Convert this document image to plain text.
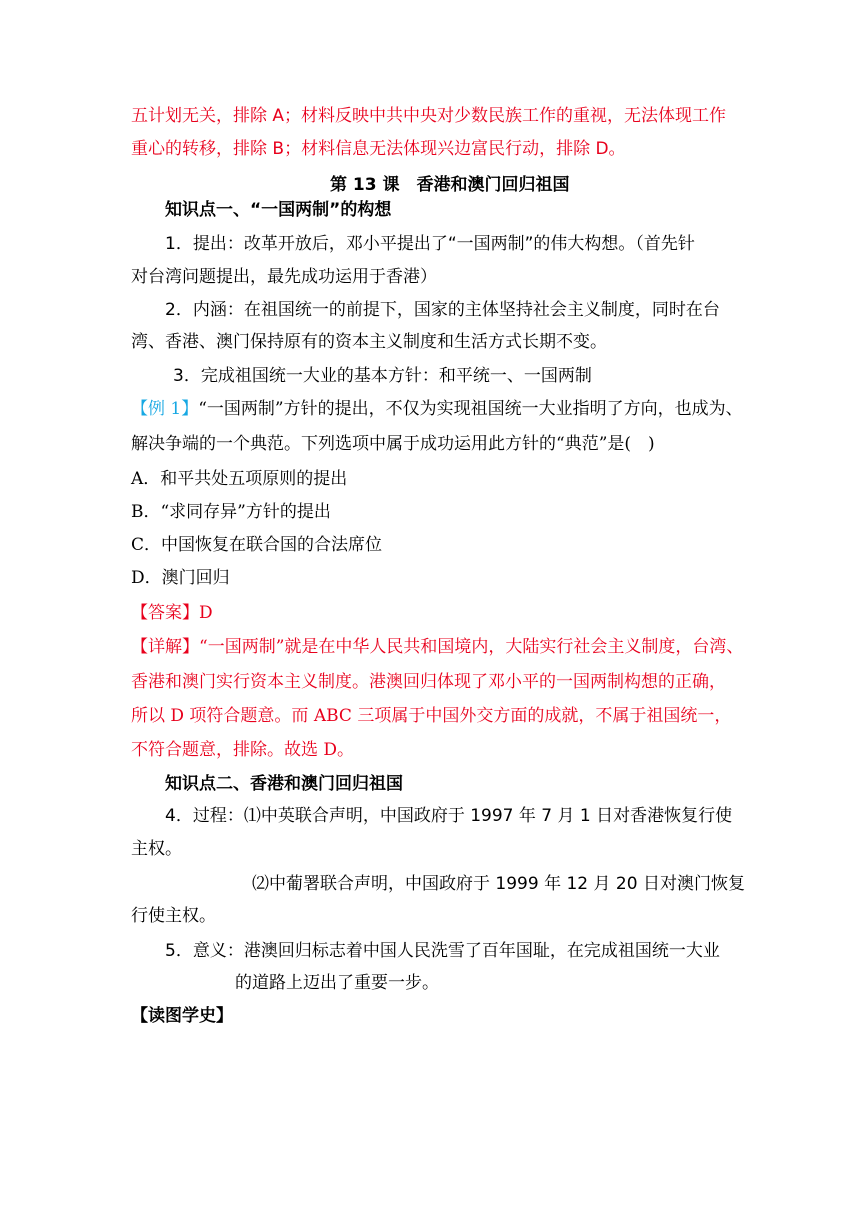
五计划无关，排除 A；材料反映中共中央对少数民族工作的重视，无法体现工作
重心的转移，排除 B；材料信息无法体现兴边富民行动，排除 D。
第 13 课　香港和澳门回归祖国
知识点一、“一国两制”的构想
1．提出：改革开放后，邓小平提出了“一国两制”的伟大构想。（首先针
对台湾问题提出，最先成功运用于香港）
2．内涵：在祖国统一的前提下，国家的主体坚持社会主义制度，同时在台
湾、香港、澳门保持原有的资本主义制度和生活方式长期不变。
3．完成祖国统一大业的基本方针：和平统一、一国两制
【例 1】“一国两制”方针的提出，不仅为实现祖国统一大业指明了方向，也成为、
解决争端的一个典范。下列选项中属于成功运用此方针的“典范”是(　)
A．和平共处五项原则的提出
B．“求同存异”方针的提出
C．中国恢复在联合国的合法席位
D．澳门回归
【答案】D
【详解】“一国两制”就是在中华人民共和国境内，大陆实行社会主义制度，台湾、
香港和澳门实行资本主义制度。港澳回归体现了邓小平的一国两制构想的正确，
所以 D 项符合题意。而 ABC 三项属于中国外交方面的成就，不属于祖国统一，
不符合题意，排除。故选 D。
知识点二、香港和澳门回归祖国
4．过程：⑴中英联合声明，中国政府于 1997 年 7 月 1 日对香港恢复行使
主权。
⑵中葡署联合声明，中国政府于 1999 年 12 月 20 日对澳门恢复
行使主权。
5．意义：港澳回归标志着中国人民洗雪了百年国耻，在完成祖国统一大业
的道路上迈出了重要一步。
【读图学史】
